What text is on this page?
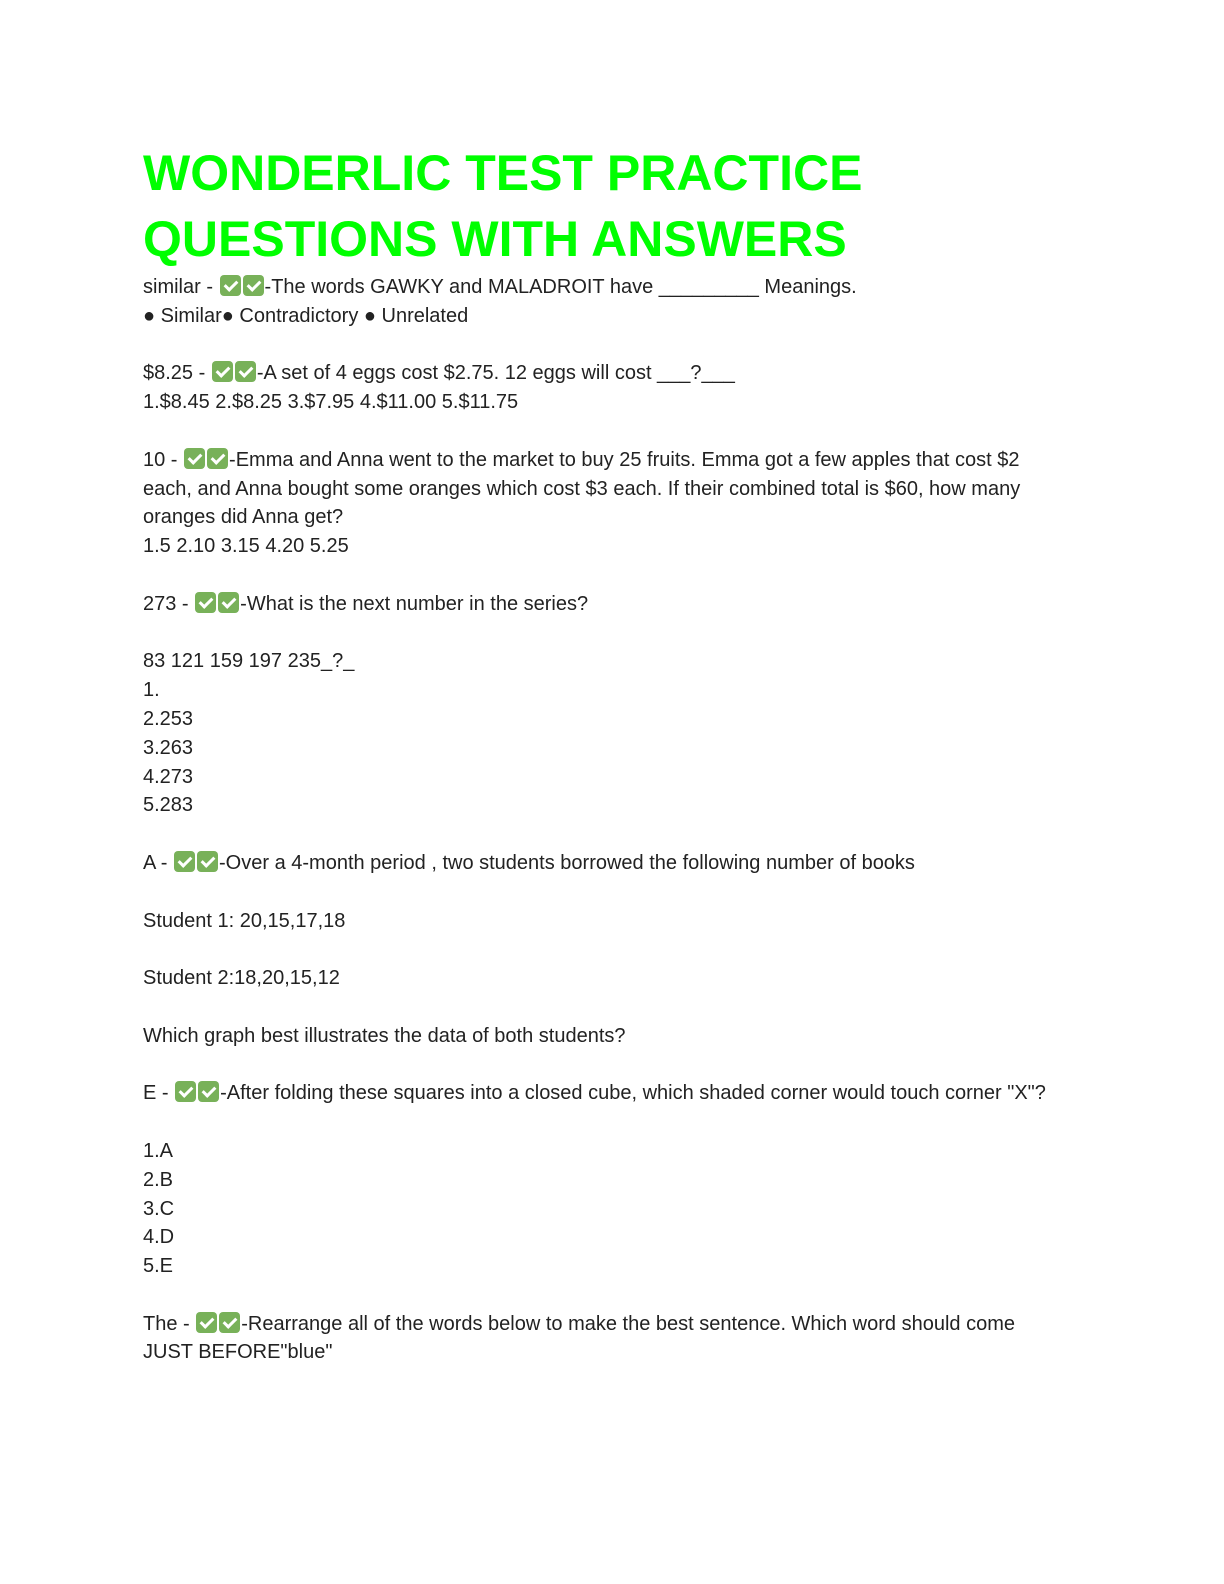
WONDERLIC TEST PRACTICE
QUESTIONS WITH ANSWERS
similar - -The words GAWKY and MALADROIT have _________ Meanings.
● Similar● Contradictory ● Unrelated
$8.25 - -A set of 4 eggs cost $2.75. 12 eggs will cost ___?___
1.$8.45 2.$8.25 3.$7.95 4.$11.00 5.$11.75
10 - -Emma and Anna went to the market to buy 25 fruits. Emma got a few apples that cost $2 each, and Anna bought some oranges which cost $3 each. If their combined total is $60, how many oranges did Anna get?
1.5 2.10 3.15 4.20 5.25
273 - -What is the next number in the series?
83 121 159 197 235_?_
1.
2.253
3.263
4.273
5.283
A - -Over a 4-month period , two students borrowed the following number of books
Student 1: 20,15,17,18
Student 2:18,20,15,12
Which graph best illustrates the data of both students?
E - -After folding these squares into a closed cube, which shaded corner would touch corner "X"?
1.A
2.B
3.C
4.D
5.E
The - -Rearrange all of the words below to make the best sentence. Which word should come JUST BEFORE"blue"
